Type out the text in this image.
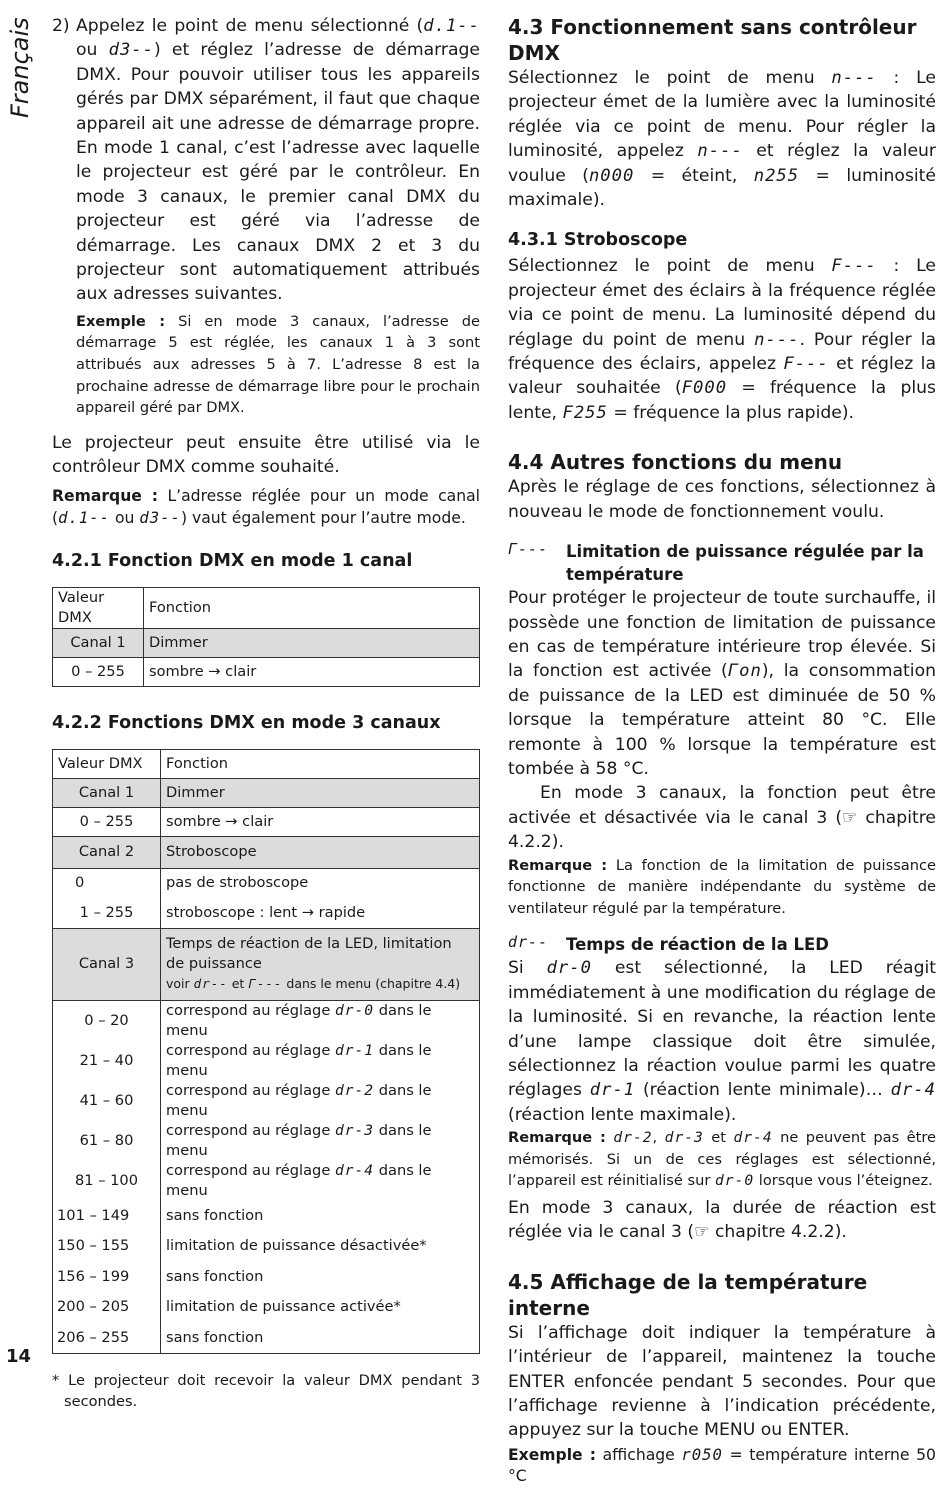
Français
14
2) Appelez le point de menu sélectionné (d.1-- ou d3--) et réglez l’adresse de démarrage DMX. Pour pouvoir utiliser tous les appareils gérés par DMX séparément, il faut que chaque appareil ait une adresse de démarrage propre. En mode 1 canal, c’est l’adresse avec laquelle le projecteur est géré par le contrôleur. En mode 3 canaux, le premier canal DMX du projecteur est géré via l’adresse de démarrage. Les canaux DMX 2 et 3 du projecteur sont automatiquement attribués aux adresses suivantes.

Exemple : Si en mode 3 canaux, l’adresse de démarrage 5 est réglée, les canaux 1 à 3 sont attribués aux adresses 5 à 7. L’adresse 8 est la prochaine adresse de démarrage libre pour le prochain appareil géré par DMX.

Le projecteur peut ensuite être utilisé via le contrôleur DMX comme souhaité.

Remarque : L’adresse réglée pour un mode canal (d.1-- ou d3--) vaut également pour l’autre mode.

4.2.1 Fonction DMX en mode 1 canal
Valeur DMX	Fonction
Canal 1	Dimmer
0 – 255	sombre → clair
4.2.2 Fonctions DMX en mode 3 canaux
Valeur DMX	Fonction
Canal 1	Dimmer
0 – 255	sombre → clair
Canal 2	Stroboscope
0	pas de stroboscope
1 – 255	stroboscope : lent → rapide
Canal 3	Temps de réaction de la LED, limitation de puissance
voir dr-- et Γ--- dans le menu (chapitre 4.4)

0 – 20	correspond au réglage dr-0 dans le menu
21 – 40	correspond au réglage dr-1 dans le menu
41 – 60	correspond au réglage dr-2 dans le menu
61 – 80	correspond au réglage dr-3 dans le menu
81 – 100	correspond au réglage dr-4 dans le menu
101 – 149	sans fonction
150 – 155	limitation de puissance désactivée*
156 – 199	sans fonction
200 – 205	limitation de puissance activée*
206 – 255	sans fonction

* Le projecteur doit recevoir la valeur DMX pendant 3 secondes.

4.3 Fonctionnement sans contrôleur DMX

Sélectionnez le point de menu n--- : Le projecteur émet de la lumière avec la luminosité réglée via ce point de menu. Pour régler la luminosité, appelez n--- et réglez la valeur voulue (n000 = éteint, n255 = luminosité maximale).

4.3.1 Stroboscope

Sélectionnez le point de menu F--- : Le projecteur émet des éclairs à la fréquence réglée via ce point de menu. La luminosité dépend du réglage du point de menu n---. Pour régler la fréquence des éclairs, appelez F--- et réglez la valeur souhaitée (F000 = fréquence la plus lente, F255 = fréquence la plus rapide).

4.4 Autres fonctions du menu

Après le réglage de ces fonctions, sélectionnez à nouveau le mode de fonctionnement voulu.

Γ---	Limitation de puissance régulée par la température

Pour protéger le projecteur de toute surchauffe, il possède une fonction de limitation de puissance en cas de température intérieure trop élevée. Si la fonction est activée (Γon), la consommation de puissance de la LED est diminuée de 50 % lorsque la température atteint 80 °C. Elle remonte à 100 % lorsque la température est tombée à 58 °C.

En mode 3 canaux, la fonction peut être activée et désactivée via le canal 3 (☞ chapitre 4.2.2).

Remarque : La fonction de la limitation de puissance fonctionne de manière indépendante du système de ventilateur régulé par la température.

dr--	Temps de réaction de la LED

Si dr-0 est sélectionné, la LED réagit immédiatement à une modification du réglage de la luminosité. Si en revanche, la réaction lente d’une lampe classique doit être simulée, sélectionnez la réaction voulue parmi les quatre réglages dr-1 (réaction lente minimale)… dr-4 (réaction lente maximale).

Remarque : dr-2, dr-3 et dr-4 ne peuvent pas être mémorisés. Si un de ces réglages est sélectionné, l’appareil est réinitialisé sur dr-0 lorsque vous l’éteignez.

En mode 3 canaux, la durée de réaction est réglée via le canal 3 (☞ chapitre 4.2.2).

4.5 Affichage de la température interne

Si l’affichage doit indiquer la température à l’intérieur de l’appareil, maintenez la touche ENTER enfoncée pendant 5 secondes. Pour que l’affichage revienne à l’indication précédente, appuyez sur la touche MENU ou ENTER.

Exemple : affichage r050 = température interne 50 °C
